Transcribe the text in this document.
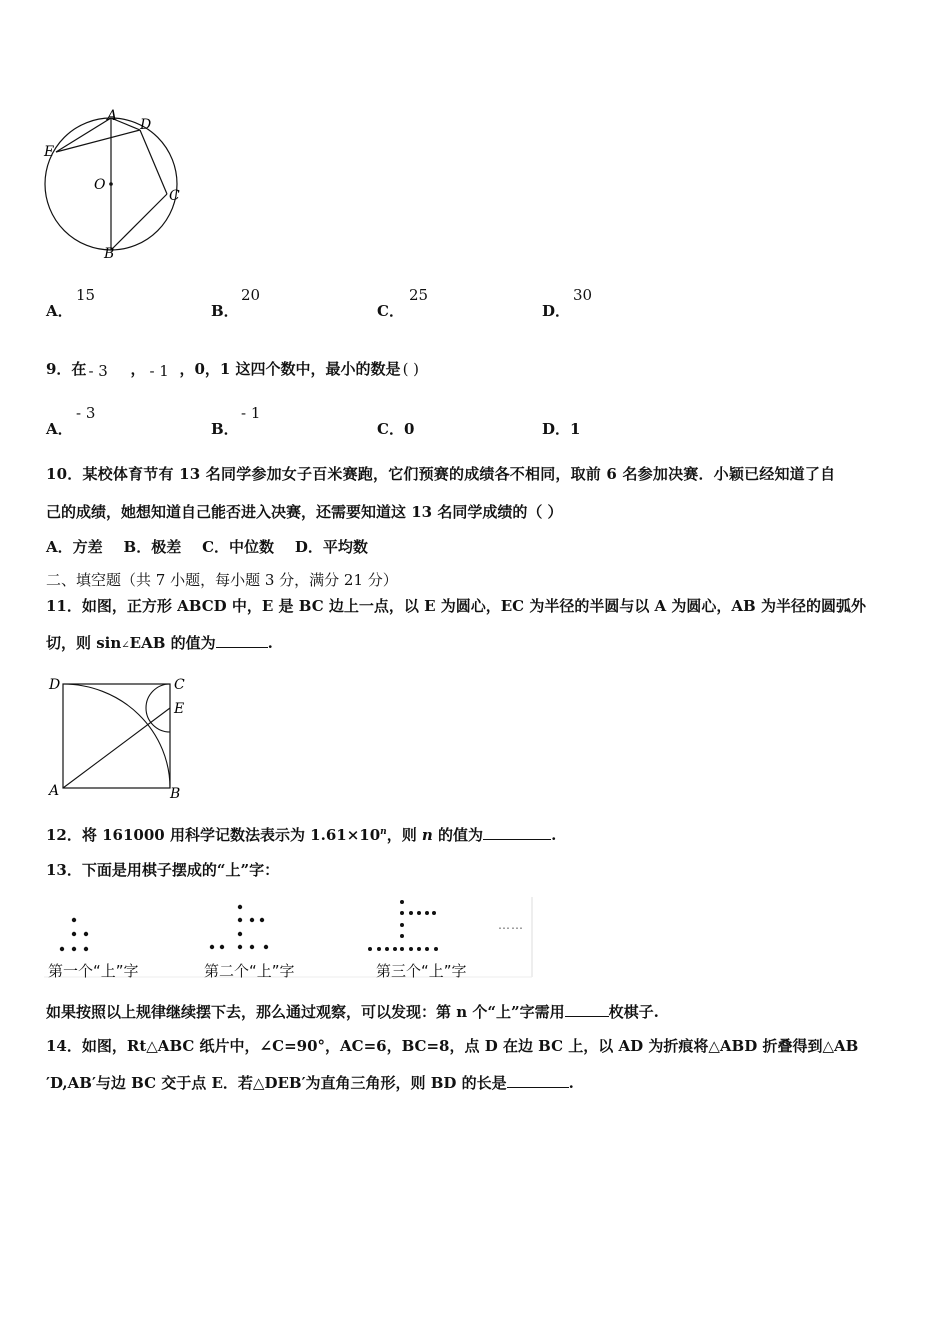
A
D
E
O
C
B
A．
15
B．
20
C．
25
D．
30
9．在 - 3 ， - 1 ，0，1 这四个数中，最小的数是 ( )
A．
- 3
B．
- 1
C．0	D．1
10．某校体育节有 13 名同学参加女子百米赛跑，它们预赛的成绩各不相同，取前 6 名参加决赛．小颖已经知道了自
己的成绩，她想知道自己能否进入决赛，还需要知道这 13 名同学成绩的（ ）
A．方差    B．极差    C．中位数    D．平均数
二、填空题（共 7 小题，每小题 3 分，满分 21 分）
11．如图，正方形 ABCD 中，E 是 BC 边上一点，以 E 为圆心，EC 为半径的半圆与以 A 为圆心，AB 为半径的圆弧外
切，则 sin∠EAB 的值为	.
D	C
E
A	B
12．将 161000 用科学记数法表示为 $1.61\times 10^n$，则 n 的值为	.
13．下面是用棋子摆成的“上”字：
第一个“上”字	第二个“上”字	第三个“上”字
……
如果按照以上规律继续摆下去，那么通过观察，可以发现：第 n 个“上”字需用	枚棋子.
14．如图，Rt△ABC 纸片中，∠C=90°，AC=6，BC=8，点 D 在边 BC 上，以 AD 为折痕将△ABD 折叠得到△AB
′D,AB′与边 BC 交于点 E．若△DEB′为直角三角形，则 BD 的长是	.
